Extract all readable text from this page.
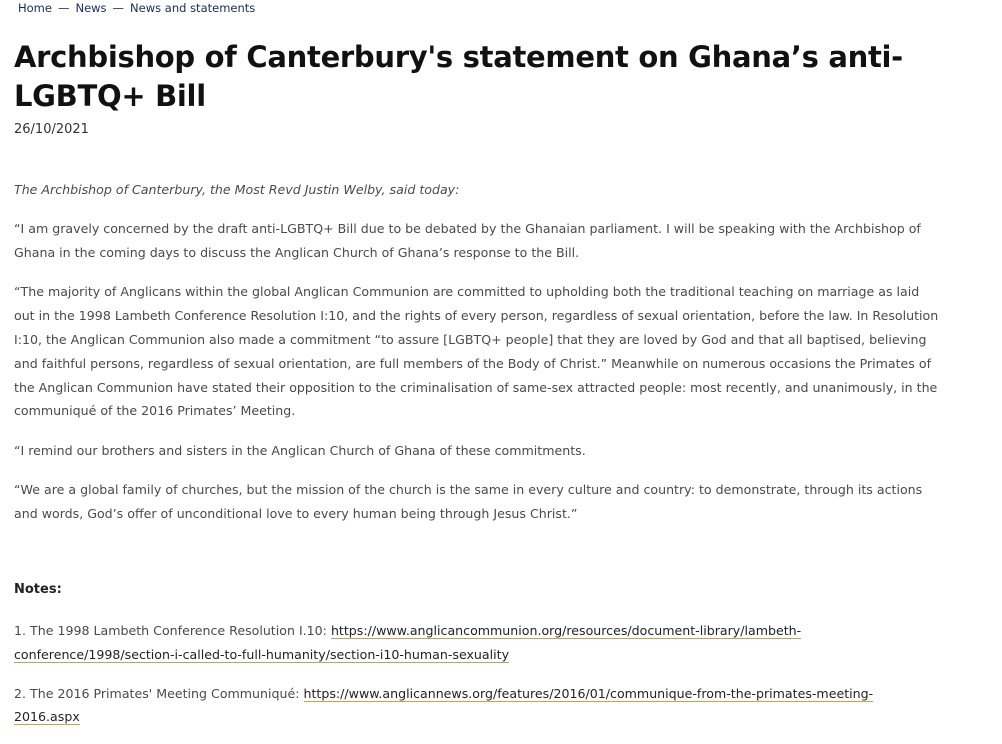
Home — News — News and statements
Archbishop of Canterbury's statement on Ghana’s anti-LGBTQ+ Bill
26/10/2021

The Archbishop of Canterbury, the Most Revd Justin Welby, said today:

“I am gravely concerned by the draft anti-LGBTQ+ Bill due to be debated by the Ghanaian parliament. I will be speaking with the Archbishop of Ghana in the coming days to discuss the Anglican Church of Ghana’s response to the Bill.

“The majority of Anglicans within the global Anglican Communion are committed to upholding both the traditional teaching on marriage as laid out in the 1998 Lambeth Conference Resolution I:10, and the rights of every person, regardless of sexual orientation, before the law. In Resolution I:10, the Anglican Communion also made a commitment “to assure [LGBTQ+ people] that they are loved by God and that all baptised, believing and faithful persons, regardless of sexual orientation, are full members of the Body of Christ.” Meanwhile on numerous occasions the Primates of the Anglican Communion have stated their opposition to the criminalisation of same-sex attracted people: most recently, and unanimously, in the communiqué of the 2016 Primates’ Meeting.

“I remind our brothers and sisters in the Anglican Church of Ghana of these commitments.

“We are a global family of churches, but the mission of the church is the same in every culture and country: to demonstrate, through its actions and words, God’s offer of unconditional love to every human being through Jesus Christ.”

Notes:

1. The 1998 Lambeth Conference Resolution I.10: https://www.anglicancommunion.org/resources/document-library/lambeth-conference/1998/section-i-called-to-full-humanity/section-i10-human-sexuality

2. The 2016 Primates' Meeting Communiqué: https://www.anglicannews.org/features/2016/01/communique-from-the-primates-meeting-2016.aspx
